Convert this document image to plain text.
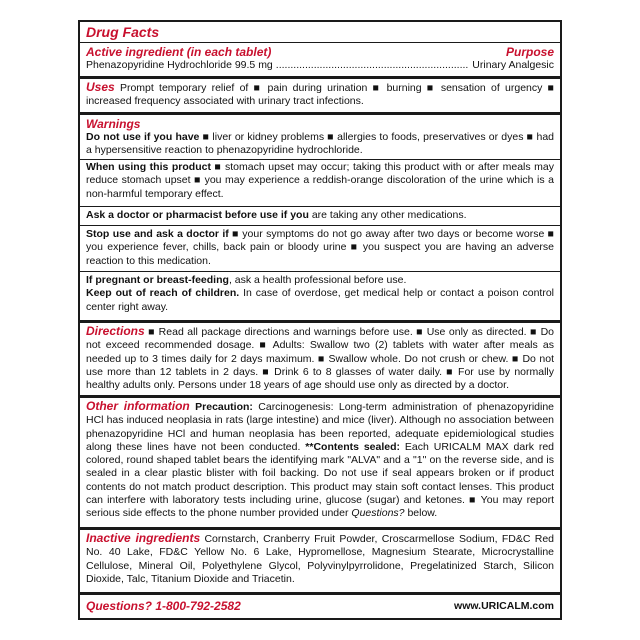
Drug Facts
Active ingredient (in each tablet)	Purpose
Phenazopyridine Hydrochloride 99.5 mg
.....	Urinary Analgesic
Uses Prompt temporary relief of ■ pain during urination ■ burning ■ sensation of urgency ■ increased frequency associated with urinary tract infections.
Warnings
Do not use if you have ■ liver or kidney problems ■ allergies to foods, preservatives or dyes ■ had a hypersensitive reaction to phenazopyridine hydrochloride.
When using this product ■ stomach upset may occur; taking this product with or after meals may reduce stomach upset ■ you may experience a reddish-orange discoloration of the urine which is a non-harmful temporary effect.
Ask a doctor or pharmacist before use if you are taking any other medications.
Stop use and ask a doctor if ■ your symptoms do not go away after two days or become worse ■ you experience fever, chills, back pain or bloody urine ■ you suspect you are having an adverse reaction to this medication.
If pregnant or breast-feeding, ask a health professional before use.
Keep out of reach of children. In case of overdose, get medical help or contact a poison control center right away.
Directions ■ Read all package directions and warnings before use. ■ Use only as directed. ■ Do not exceed recommended dosage. ■ Adults: Swallow two (2) tablets with water after meals as needed up to 3 times daily for 2 days maximum. ■ Swallow whole. Do not crush or chew. ■ Do not use more than 12 tablets in 2 days. ■ Drink 6 to 8 glasses of water daily. ■ For use by normally healthy adults only. Persons under 18 years of age should use only as directed by a doctor.
Other information Precaution: Carcinogenesis: Long-term administration of phenazopyridine HCl has induced neoplasia in rats (large intestine) and mice (liver). Although no association between phenazopyridine HCl and human neoplasia has been reported, adequate epidemiological studies along these lines have not been conducted. **Contents sealed: Each URICALM MAX dark red colored, round shaped tablet bears the identifying mark "ALVA" and a "1" on the reverse side, and is sealed in a clear plastic blister with foil backing. Do not use if seal appears broken or if product contents do not match product description. This product may stain soft contact lenses. This product can interfere with laboratory tests including urine, glucose (sugar) and ketones. ■ You may report serious side effects to the phone number provided under Questions? below.
Inactive ingredients Cornstarch, Cranberry Fruit Powder, Croscarmellose Sodium, FD&C Red No. 40 Lake, FD&C Yellow No. 6 Lake, Hypromellose, Magnesium Stearate, Microcrystalline Cellulose, Mineral Oil, Polyethylene Glycol, Polyvinylpyrrolidone, Pregelatinized Starch, Silicon Dioxide, Talc, Titanium Dioxide and Triacetin.
Questions? 1-800-792-2582	www.URICALM.com
